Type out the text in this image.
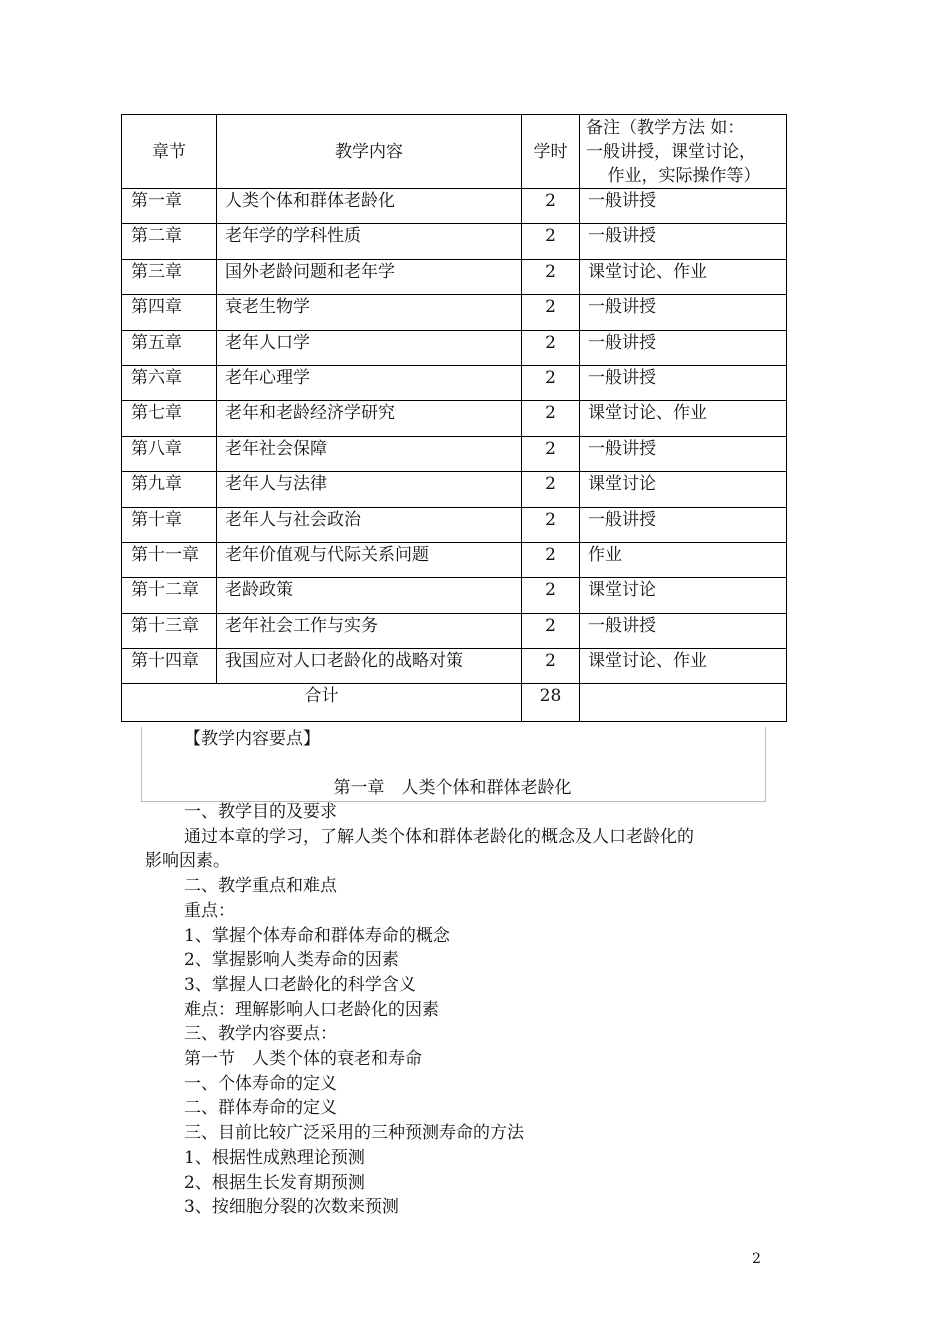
章节	教学内容	学时	备注（教学方法 如：
一般讲授，课堂讨论，
作业，实际操作等）

第一章	人类个体和群体老龄化	2	一般讲授
第二章	老年学的学科性质	2	一般讲授
第三章	国外老龄问题和老年学	2	课堂讨论、作业
第四章	衰老生物学	2	一般讲授
第五章	老年人口学	2	一般讲授
第六章	老年心理学	2	一般讲授
第七章	老年和老龄经济学研究	2	课堂讨论、作业
第八章	老年社会保障	2	一般讲授
第九章	老年人与法律	2	课堂讨论
第十章	老年人与社会政治	2	一般讲授
第十一章	老年价值观与代际关系问题	2	作业
第十二章	老龄政策	2	课堂讨论
第十三章	老年社会工作与实务	2	一般讲授
第十四章	我国应对人口老龄化的战略对策	2	课堂讨论、作业
合计		28	
【教学内容要点】
第一章　人类个体和群体老龄化

一、教学目的及要求

通过本章的学习，了解人类个体和群体老龄化的概念及人口老龄化的

影响因素。

二、教学重点和难点

重点：

1、掌握个体寿命和群体寿命的概念

2、掌握影响人类寿命的因素

3、掌握人口老龄化的科学含义

难点：理解影响人口老龄化的因素

三、教学内容要点：

第一节　人类个体的衰老和寿命

一、个体寿命的定义

二、群体寿命的定义

三、目前比较广泛采用的三种预测寿命的方法

1、根据性成熟理论预测

2、根据生长发育期预测

3、按细胞分裂的次数来预测

2
